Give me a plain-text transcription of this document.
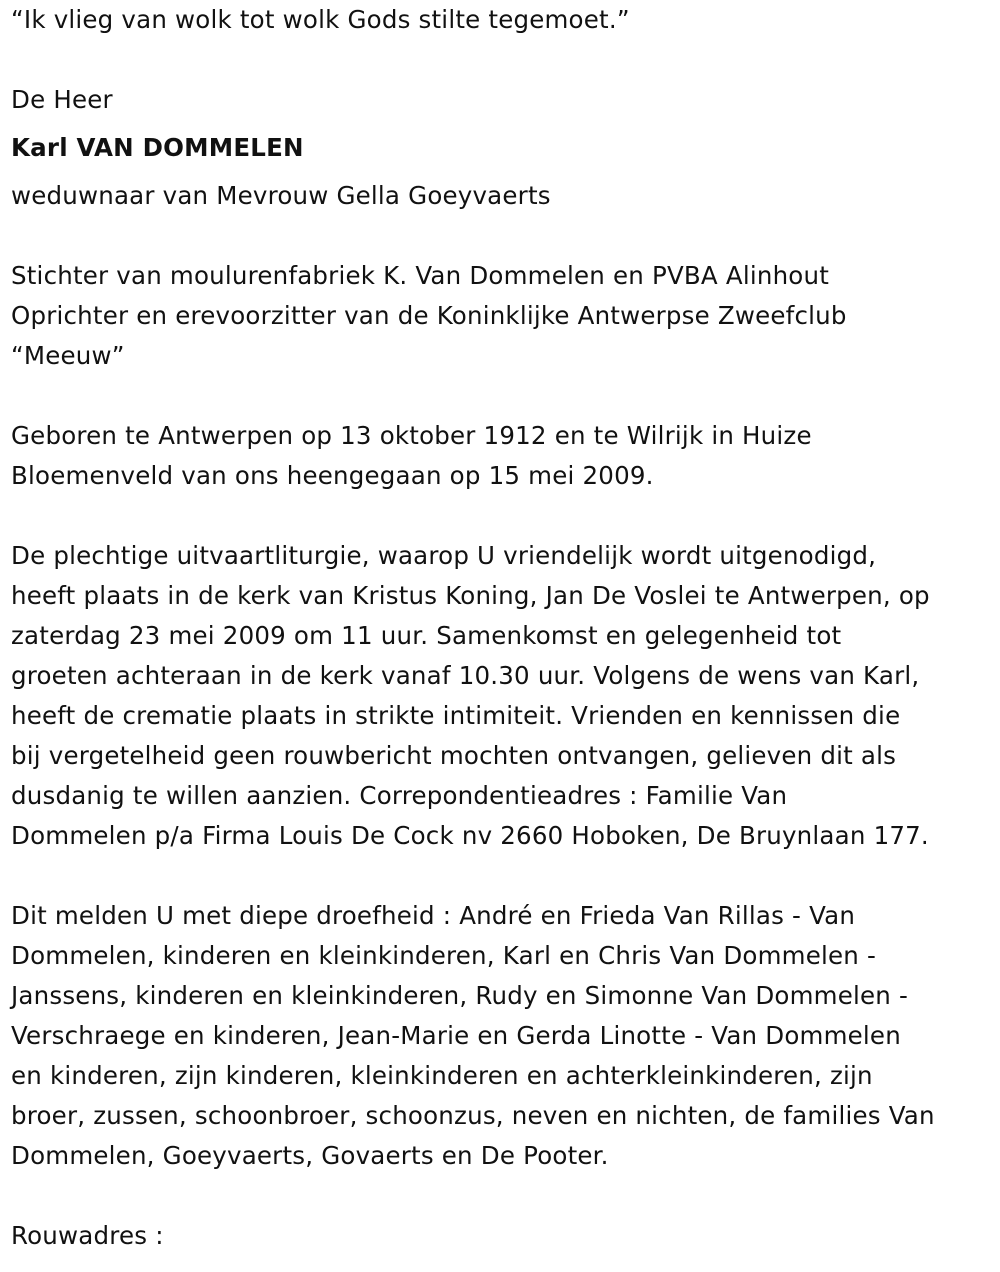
“Ik vlieg van wolk tot wolk Gods stilte tegemoet.”
De Heer
Karl VAN DOMMELEN
weduwnaar van Mevrouw Gella Goeyvaerts
Stichter van moulurenfabriek K. Van Dommelen en PVBA Alinhout
Oprichter en erevoorzitter van de Koninklijke Antwerpse Zweefclub
“Meeuw”
Geboren te Antwerpen op 13 oktober 1912 en te Wilrijk in Huize
Bloemenveld van ons heengegaan op 15 mei 2009.
De plechtige uitvaartliturgie, waarop U vriendelijk wordt uitgenodigd,
heeft plaats in de kerk van Kristus Koning, Jan De Voslei te Antwerpen, op
zaterdag 23 mei 2009 om 11 uur. Samenkomst en gelegenheid tot
groeten achteraan in de kerk vanaf 10.30 uur. Volgens de wens van Karl,
heeft de crematie plaats in strikte intimiteit. Vrienden en kennissen die
bij vergetelheid geen rouwbericht mochten ontvangen, gelieven dit als
dusdanig te willen aanzien. Correpondentieadres : Familie Van
Dommelen p/a Firma Louis De Cock nv 2660 Hoboken, De Bruynlaan 177.
Dit melden U met diepe droefheid : André en Frieda Van Rillas - Van
Dommelen, kinderen en kleinkinderen, Karl en Chris Van Dommelen -
Janssens, kinderen en kleinkinderen, Rudy en Simonne Van Dommelen -
Verschraege en kinderen, Jean-Marie en Gerda Linotte - Van Dommelen
en kinderen, zijn kinderen, kleinkinderen en achterkleinkinderen, zijn
broer, zussen, schoonbroer, schoonzus, neven en nichten, de families Van
Dommelen, Goeyvaerts, Govaerts en De Pooter.
Rouwadres :
